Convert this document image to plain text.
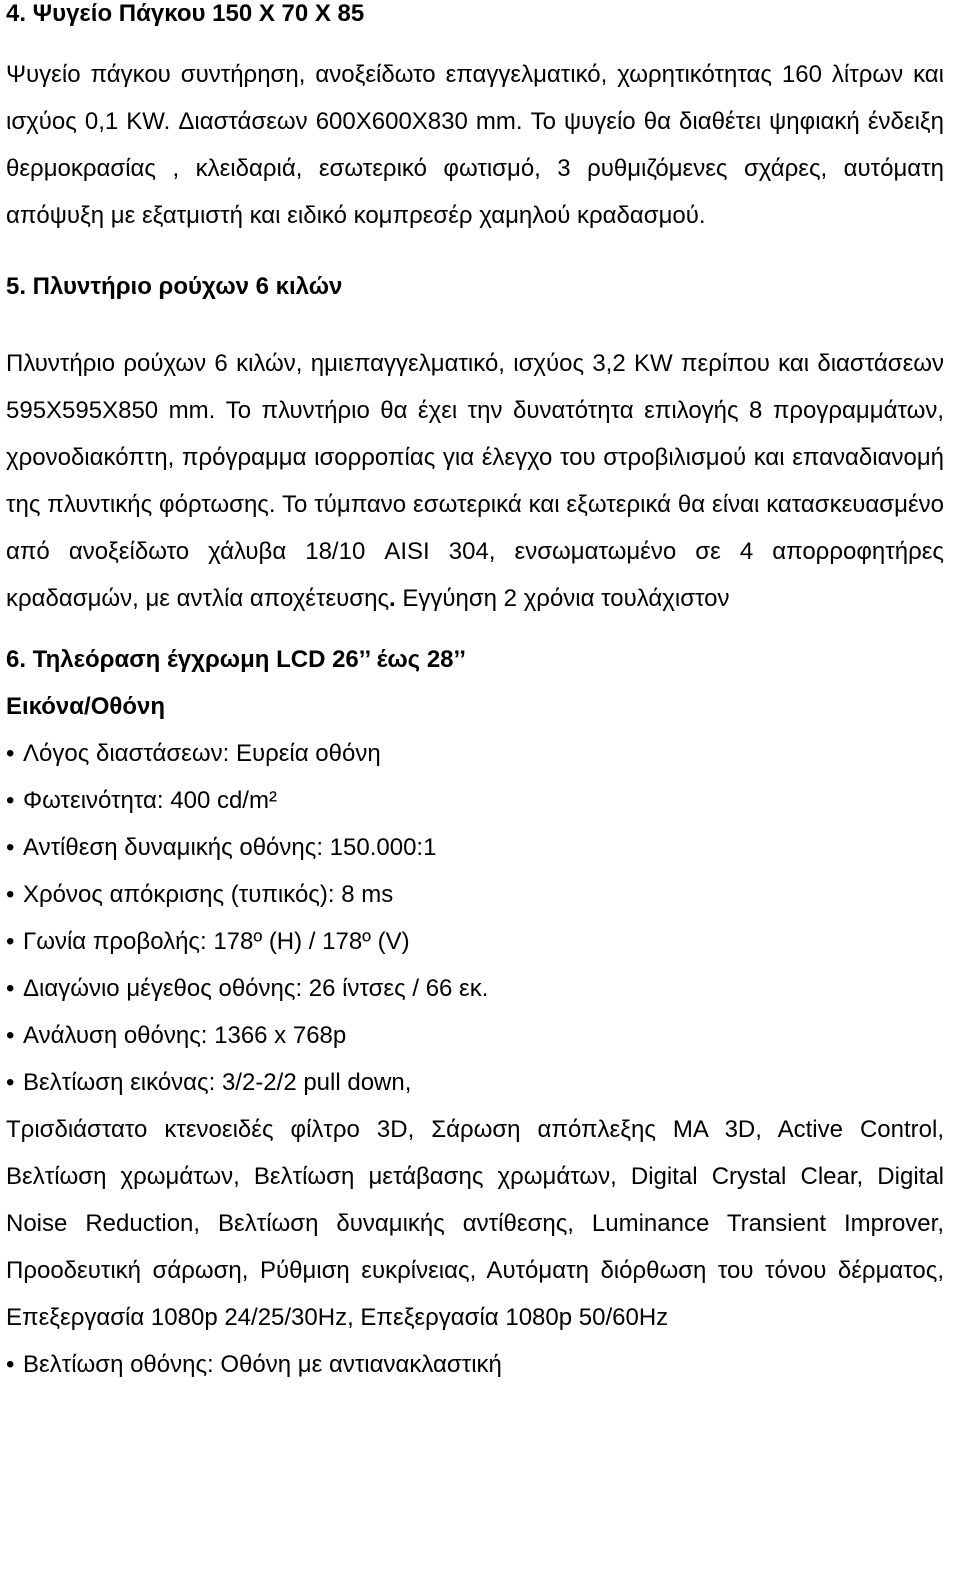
4. Ψυγείο Πάγκου 150 Χ 70 Χ 85

Ψυγείο πάγκου συντήρηση, ανοξείδωτο επαγγελματικό, χωρητικότητας 160 λίτρων και ισχύος 0,1 KW. Διαστάσεων 600Χ600Χ830 mm. Το ψυγείο θα διαθέτει ψηφιακή ένδειξη θερμοκρασίας , κλειδαριά, εσωτερικό φωτισμό, 3 ρυθμιζόμενες σχάρες, αυτόματη απόψυξη με εξατμιστή και ειδικό κομπρεσέρ χαμηλού κραδασμού.

5. Πλυντήριο ρούχων 6 κιλών

Πλυντήριο ρούχων 6 κιλών, ημιεπαγγελματικό, ισχύος 3,2 KW περίπου και διαστάσεων 595Χ595Χ850 mm. Το πλυντήριο θα έχει την δυνατότητα επιλογής 8 προγραμμάτων, χρονοδιακόπτη, πρόγραμμα ισορροπίας για έλεγχο του στροβιλισμού και επαναδιανομή της πλυντικής φόρτωσης. Το τύμπανο εσωτερικά και εξωτερικά θα είναι κατασκευασμένο από ανοξείδωτο χάλυβα 18/10 AISI 304, ενσωματωμένο σε 4 απορροφητήρες κραδασμών, με αντλία αποχέτευσης. Εγγύηση 2 χρόνια τουλάχιστον

6. Τηλεόραση έγχρωμη LCD 26’’ έως 28’’
Εικόνα/Οθόνη
• Λόγος διαστάσεων: Ευρεία οθόνη
• Φωτεινότητα: 400 cd/m²
• Αντίθεση δυναμικής οθόνης: 150.000:1
• Χρόνος απόκρισης (τυπικός): 8 ms
• Γωνία προβολής: 178º (H) / 178º (V)
• Διαγώνιο μέγεθος οθόνης: 26 ίντσες / 66 εκ.
• Ανάλυση οθόνης: 1366 x 768p
• Βελτίωση εικόνας: 3/2-2/2 pull down,

Τρισδιάστατο κτενοειδές φίλτρο 3D, Σάρωση απόπλεξης MA 3D, Active Control, Βελτίωση χρωμάτων, Βελτίωση μετάβασης χρωμάτων, Digital Crystal Clear, Digital Noise Reduction, Βελτίωση δυναμικής αντίθεσης, Luminance Transient Improver, Προοδευτική σάρωση, Ρύθμιση ευκρίνειας, Αυτόματη διόρθωση του τόνου δέρματος, Επεξεργασία 1080p 24/25/30Hz, Επεξεργασία 1080p 50/60Hz

• Βελτίωση οθόνης: Οθόνη με αντιανακλαστική
